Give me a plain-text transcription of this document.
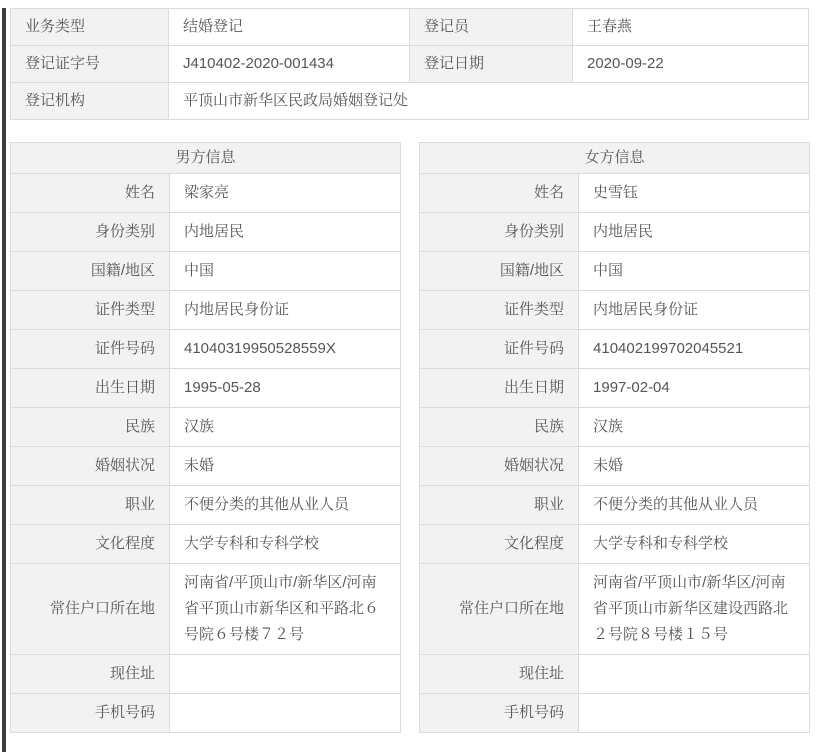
业务类型	结婚登记	登记员	王春燕
登记证字号	J410402-2020-001434	登记日期	2020-09-22
登记机构	平顶山市新华区民政局婚姻登记处		
男方信息	
姓名	梁家亮
身份类别	内地居民
国籍/地区	中国
证件类型	内地居民身份证
证件号码	41040319950528559X
出生日期	1995-05-28
民族	汉族
婚姻状况	未婚
职业	不便分类的其他从业人员
文化程度	大学专科和专科学校
常住户口所在地	河南省/平顶山市/新华区/河南省平顶山市新华区和平路北６号院６号楼７２号
现住址	
手机号码	
女方信息	
姓名	史雪钰
身份类别	内地居民
国籍/地区	中国
证件类型	内地居民身份证
证件号码	410402199702045521
出生日期	1997-02-04
民族	汉族
婚姻状况	未婚
职业	不便分类的其他从业人员
文化程度	大学专科和专科学校
常住户口所在地	河南省/平顶山市/新华区/河南省平顶山市新华区建设西路北２号院８号楼１５号
现住址	
手机号码	
